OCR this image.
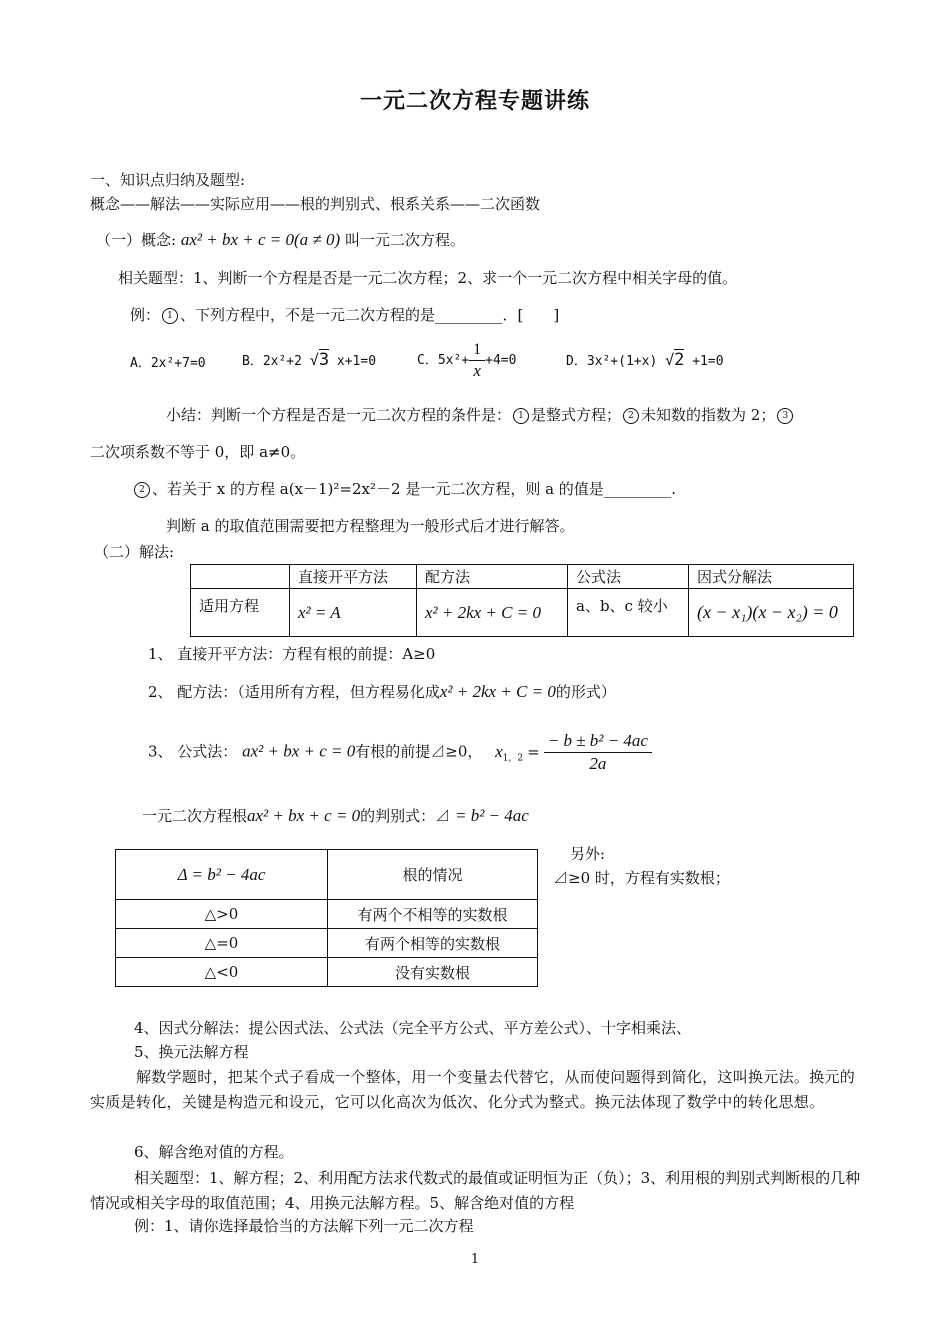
一元二次方程专题讲练
一、知识点归纳及题型:
概念——解法——实际应用——根的判别式、根系关系——二次函数
（一）概念: ax² + bx + c = 0(a ≠ 0) 叫一元二次方程。
相关题型：1、判断一个方程是否是一元二次方程；2、求一个一元二次方程中相关字母的值。
例： 1 、下列方程中，不是一元二次方程的是_________．[　　]
A．2x²+7=0	B．2x²+2 √3 x+1=0	C．$5x^2+ \frac{1}{x} +4=0$	D．3x²+(1+x) √2 +1=0
小结：判断一个方程是否是一元二次方程的条件是： 1 是整式方程； 2 未知数的指数为 2； 3
二次项系数不等于 0，即 a≠0。
2 、若关于 x 的方程 a(x－1)²=2x²－2 是一元二次方程，则 a 的值是_________.
判断 a 的取值范围需要把方程整理为一般形式后才进行解答。
（二）解法:
	直接开平方法	配方法	公式法	因式分解法
适用方程	x² = A	x² + 2kx + C = 0	a、b、c 较小	(x − x₁)(x − x₂) = 0
1、 直接开平方法：方程有根的前提：A≥0
2、 配方法：（适用所有方程，但方程易化成x² + 2kx + C = 0的形式）
3、 公式法： ax² + bx + c = 0有根的前提⊿≥0， $x_{1,2} = \frac{\text{− b ± b² − 4ac}}{2a}$
一元二次方程根ax² + bx + c = 0的判别式：⊿ = b² − 4ac
Δ = b² − 4ac	根的情况
△>0	有两个不相等的实数根
△=0	有两个相等的实数根
△<0	没有实数根
另外:
⊿≥0 时，方程有实数根；
4、因式分解法：提公因式法、公式法（完全平方公式、平方差公式）、十字相乘法、
5、换元法解方程
解数学题时，把某个式子看成一个整体，用一个变量去代替它，从而使问题得到简化，这叫换元法。换元的实质是转化，关键是构造元和设元，它可以化高次为低次、化分式为整式。换元法体现了数学中的转化思想。
6、解含绝对值的方程。
相关题型：1、解方程；2、利用配方法求代数式的最值或证明恒为正（负）；3、利用根的判别式判断根的几种情况或相关字母的取值范围；4、用换元法解方程。5、解含绝对值的方程
例：1、请你选择最恰当的方法解下列一元二次方程
1
